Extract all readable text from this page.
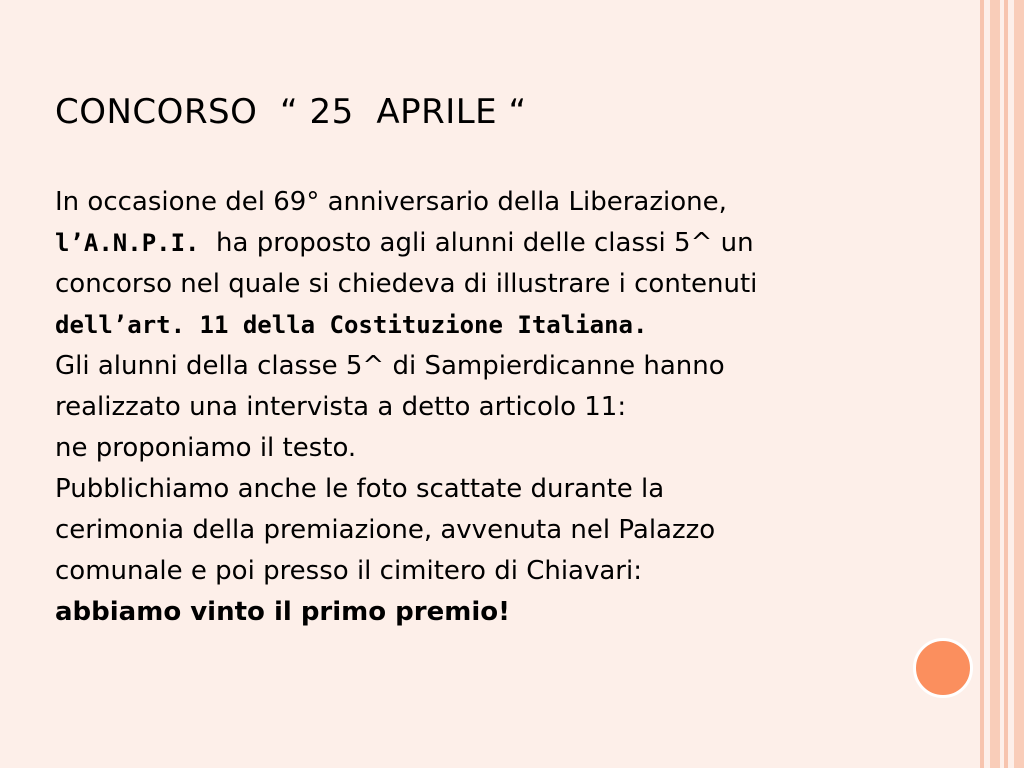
CONCORSO  “ 25  APRILE “
In occasione del 69° anniversario della Liberazione,
l’A.N.P.I.  ha proposto agli alunni delle classi 5^ un
concorso nel quale si chiedeva di illustrare i contenuti
dell’art. 11 della Costituzione Italiana.
Gli alunni della classe 5^ di Sampierdicanne hanno
realizzato una intervista a detto articolo 11:
ne proponiamo il testo.
Pubblichiamo anche le foto scattate durante la
cerimonia della premiazione, avvenuta nel Palazzo
comunale e poi presso il cimitero di Chiavari:
abbiamo vinto il primo premio!
